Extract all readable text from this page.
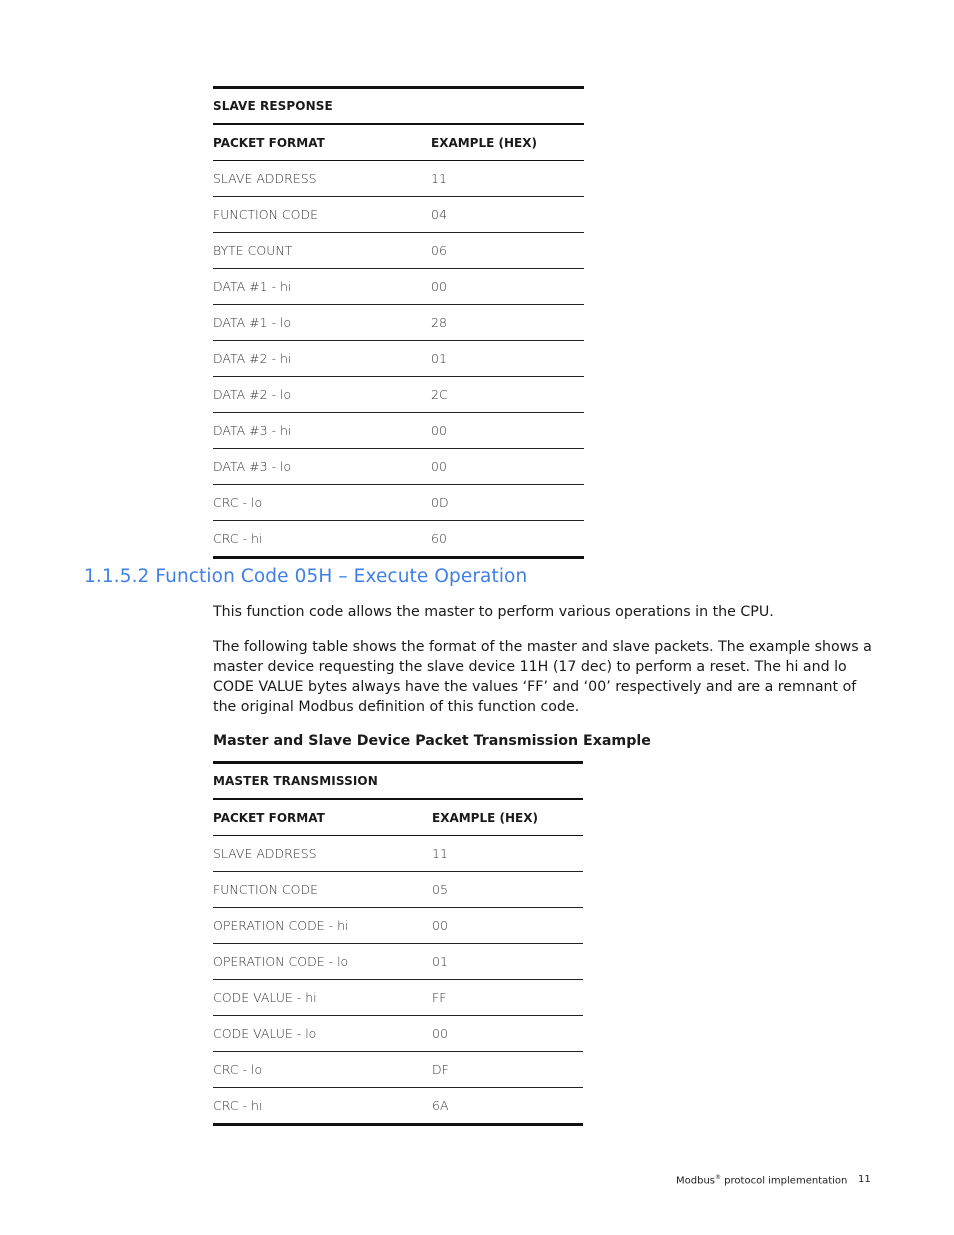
SLAVE RESPONSE	
PACKET FORMAT	EXAMPLE (HEX)
SLAVE ADDRESS	11
FUNCTION CODE	04
BYTE COUNT	06
DATA #1 - hi	00
DATA #1 - lo	28
DATA #2 - hi	01
DATA #2 - lo	2C
DATA #3 - hi	00
DATA #3 - lo	00
CRC - lo	0D
CRC - hi	60
1.1.5.2 Function Code 05H – Execute Operation

This function code allows the master to perform various operations in the CPU.

The following table shows the format of the master and slave packets. The example shows a master device requesting the slave device 11H (17 dec) to perform a reset. The hi and lo CODE VALUE bytes always have the values ‘FF’ and ‘00’ respectively and are a remnant of the original Modbus definition of this function code.

Master and Slave Device Packet Transmission Example

MASTER TRANSMISSION	
PACKET FORMAT	EXAMPLE (HEX)
SLAVE ADDRESS	11
FUNCTION CODE	05
OPERATION CODE - hi	00
OPERATION CODE - lo	01
CODE VALUE - hi	FF
CODE VALUE - lo	00
CRC - lo	DF
CRC - hi	6A
Modbus® protocol implementation 11
